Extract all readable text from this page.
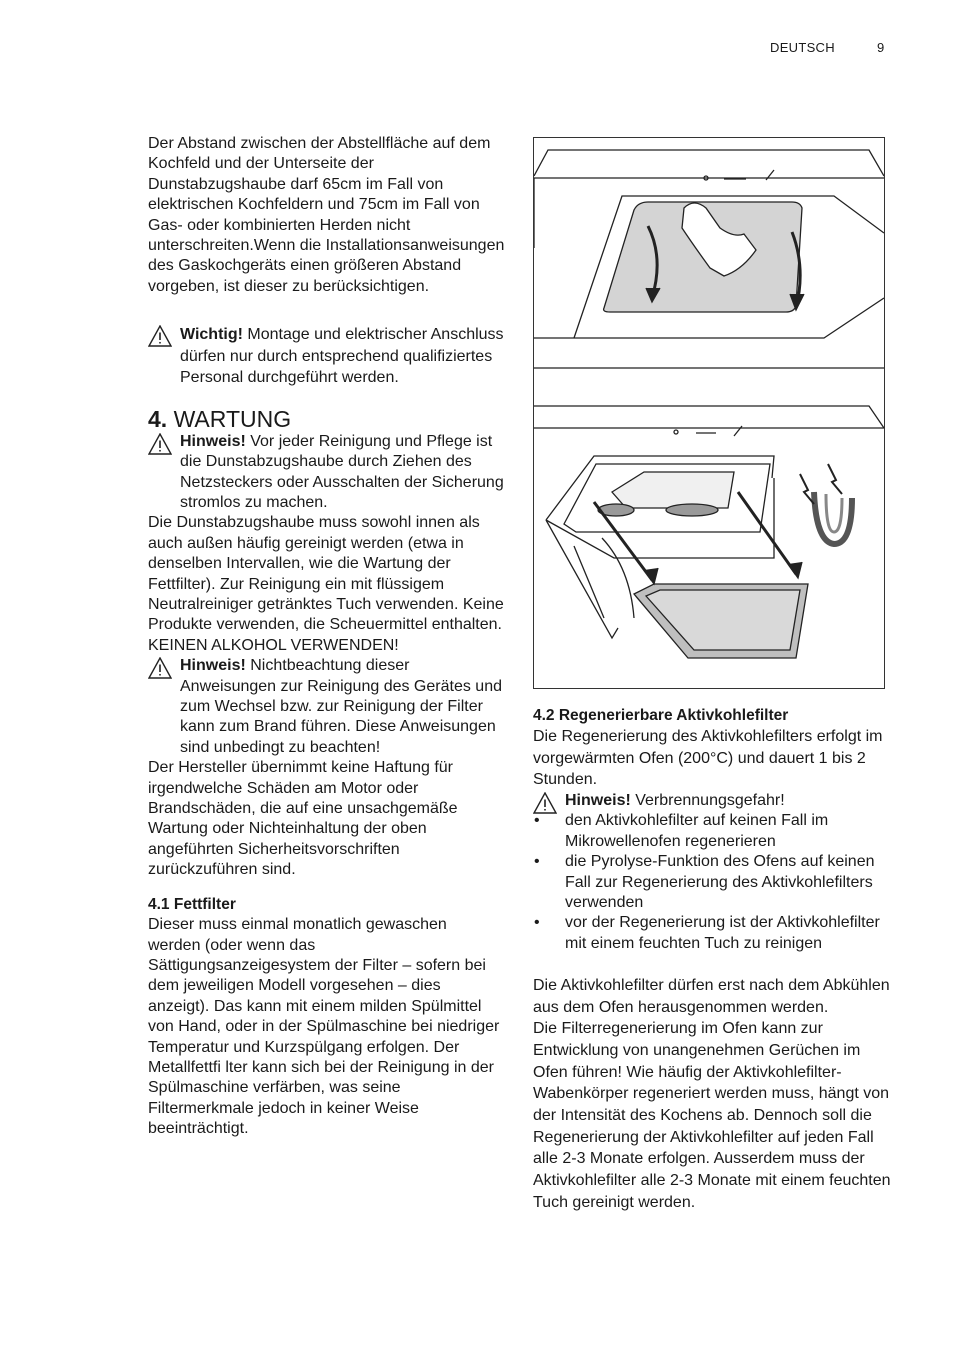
DEUTSCH	9

Der Abstand zwischen der Abstellfläche auf dem Kochfeld und der Unterseite der Dunstabzugshaube darf 65cm im Fall von elektrischen Kochfeldern und 75cm im Fall von Gas- oder kombinierten Herden nicht unterschreiten.Wenn die Installationsanweisungen des Gaskochgeräts einen größeren Abstand vorgeben, ist dieser zu berücksichtigen.

Wichtig! Montage und elektrischer Anschluss dürfen nur durch entsprechend qualifiziertes Personal durchgeführt werden.
4. WARTUNG
Hinweis! Vor jeder Reinigung und Pflege ist die Dunstabzugshaube durch Ziehen des Netzsteckers oder Ausschalten der Sicherung stromlos zu machen.

Die Dunstabzugshaube muss sowohl innen als auch außen häufig gereinigt werden (etwa in denselben Intervallen, wie die Wartung der Fettfilter). Zur Reinigung ein mit flüssigem Neutralreiniger getränktes Tuch verwenden. Keine Produkte verwenden, die Scheuermittel enthalten. KEINEN ALKOHOL VERWENDEN!

Hinweis! Nichtbeachtung dieser Anweisungen zur Reinigung des Gerätes und zum Wechsel bzw. zur Reinigung der Filter kann zum Brand führen. Diese Anweisungen sind unbedingt zu beachten!

Der Hersteller übernimmt keine Haftung für irgendwelche Schäden am Motor oder Brandschäden, die auf eine unsachgemäße Wartung oder Nichteinhaltung der oben angeführten Sicherheitsvorschriften zurückzuführen sind.

4.1 Fettfilter

Dieser muss einmal monatlich gewaschen werden (oder wenn das Sättigungsanzeigesystem der Filter – sofern bei dem jeweiligen Modell vorgesehen – dies anzeigt). Das kann mit einem milden Spülmittel von Hand, oder in der Spülmaschine bei niedriger Temperatur und Kurzspülgang erfolgen. Der Metallfettfi lter kann sich bei der Reinigung in der Spülmaschine verfärben, was seine Filtermerkmale jedoch in keiner Weise beeinträchtigt.

4.2 Regenerierbare Aktivkohlefilter

Die Regenerierung des Aktivkohlefilters erfolgt im vorgewärmten Ofen (200°C) und dauert 1 bis 2 Stunden.

Hinweis! Verbrennungsgefahr!
• den Aktivkohlefilter auf keinen Fall im Mikrowellenofen regenerieren
• die Pyrolyse-Funktion des Ofens auf keinen Fall zur Regenerierung des Aktivkohlefilters verwenden
• vor der Regenerierung ist der Aktivkohlefilter mit einem feuchten Tuch zu reinigen

Die Aktivkohlefilter dürfen erst nach dem Abkühlen aus dem Ofen herausgenommen werden.

Die Filterregenerierung im Ofen kann zur Entwicklung von unangenehmen Gerüchen im Ofen führen! Wie häufig der Aktivkohlefilter-Wabenkörper regeneriert werden muss, hängt von der Intensität des Kochens ab. Dennoch soll die Regenerierung der Aktivkohlefilter auf jeden Fall alle 2-3 Monate erfolgen. Ausserdem muss der Aktivkohlefilter alle 2-3 Monate mit einem feuchten Tuch gereinigt werden.
